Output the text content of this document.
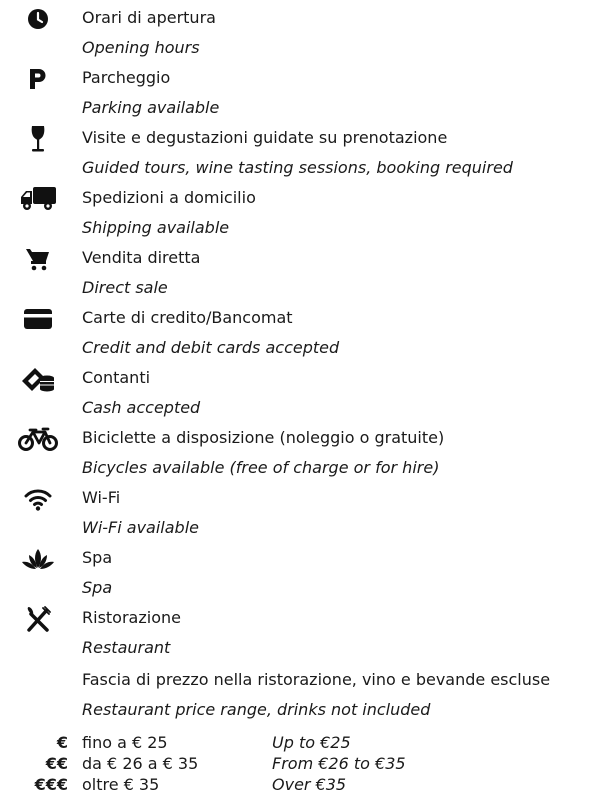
Orari di apertura
Opening hours
Parcheggio
Parking available
Visite e degustazioni guidate su prenotazione
Guided tours, wine tasting sessions, booking required
Spedizioni a domicilio
Shipping available
Vendita diretta
Direct sale
Carte di credito/Bancomat
Credit and debit cards accepted
Contanti
Cash accepted
Biciclette a disposizione (noleggio o gratuite)
Bicycles available (free of charge or for hire)
Wi-Fi
Wi-Fi available
Spa
Spa
Ristorazione
Restaurant
Fascia di prezzo nella ristorazione, vino e bevande escluse
Restaurant price range, drinks not included
€ fino a € 25	Up to €25
€€ da € 26 a € 35	From €26 to €35
€€€ oltre € 35	Over €35
